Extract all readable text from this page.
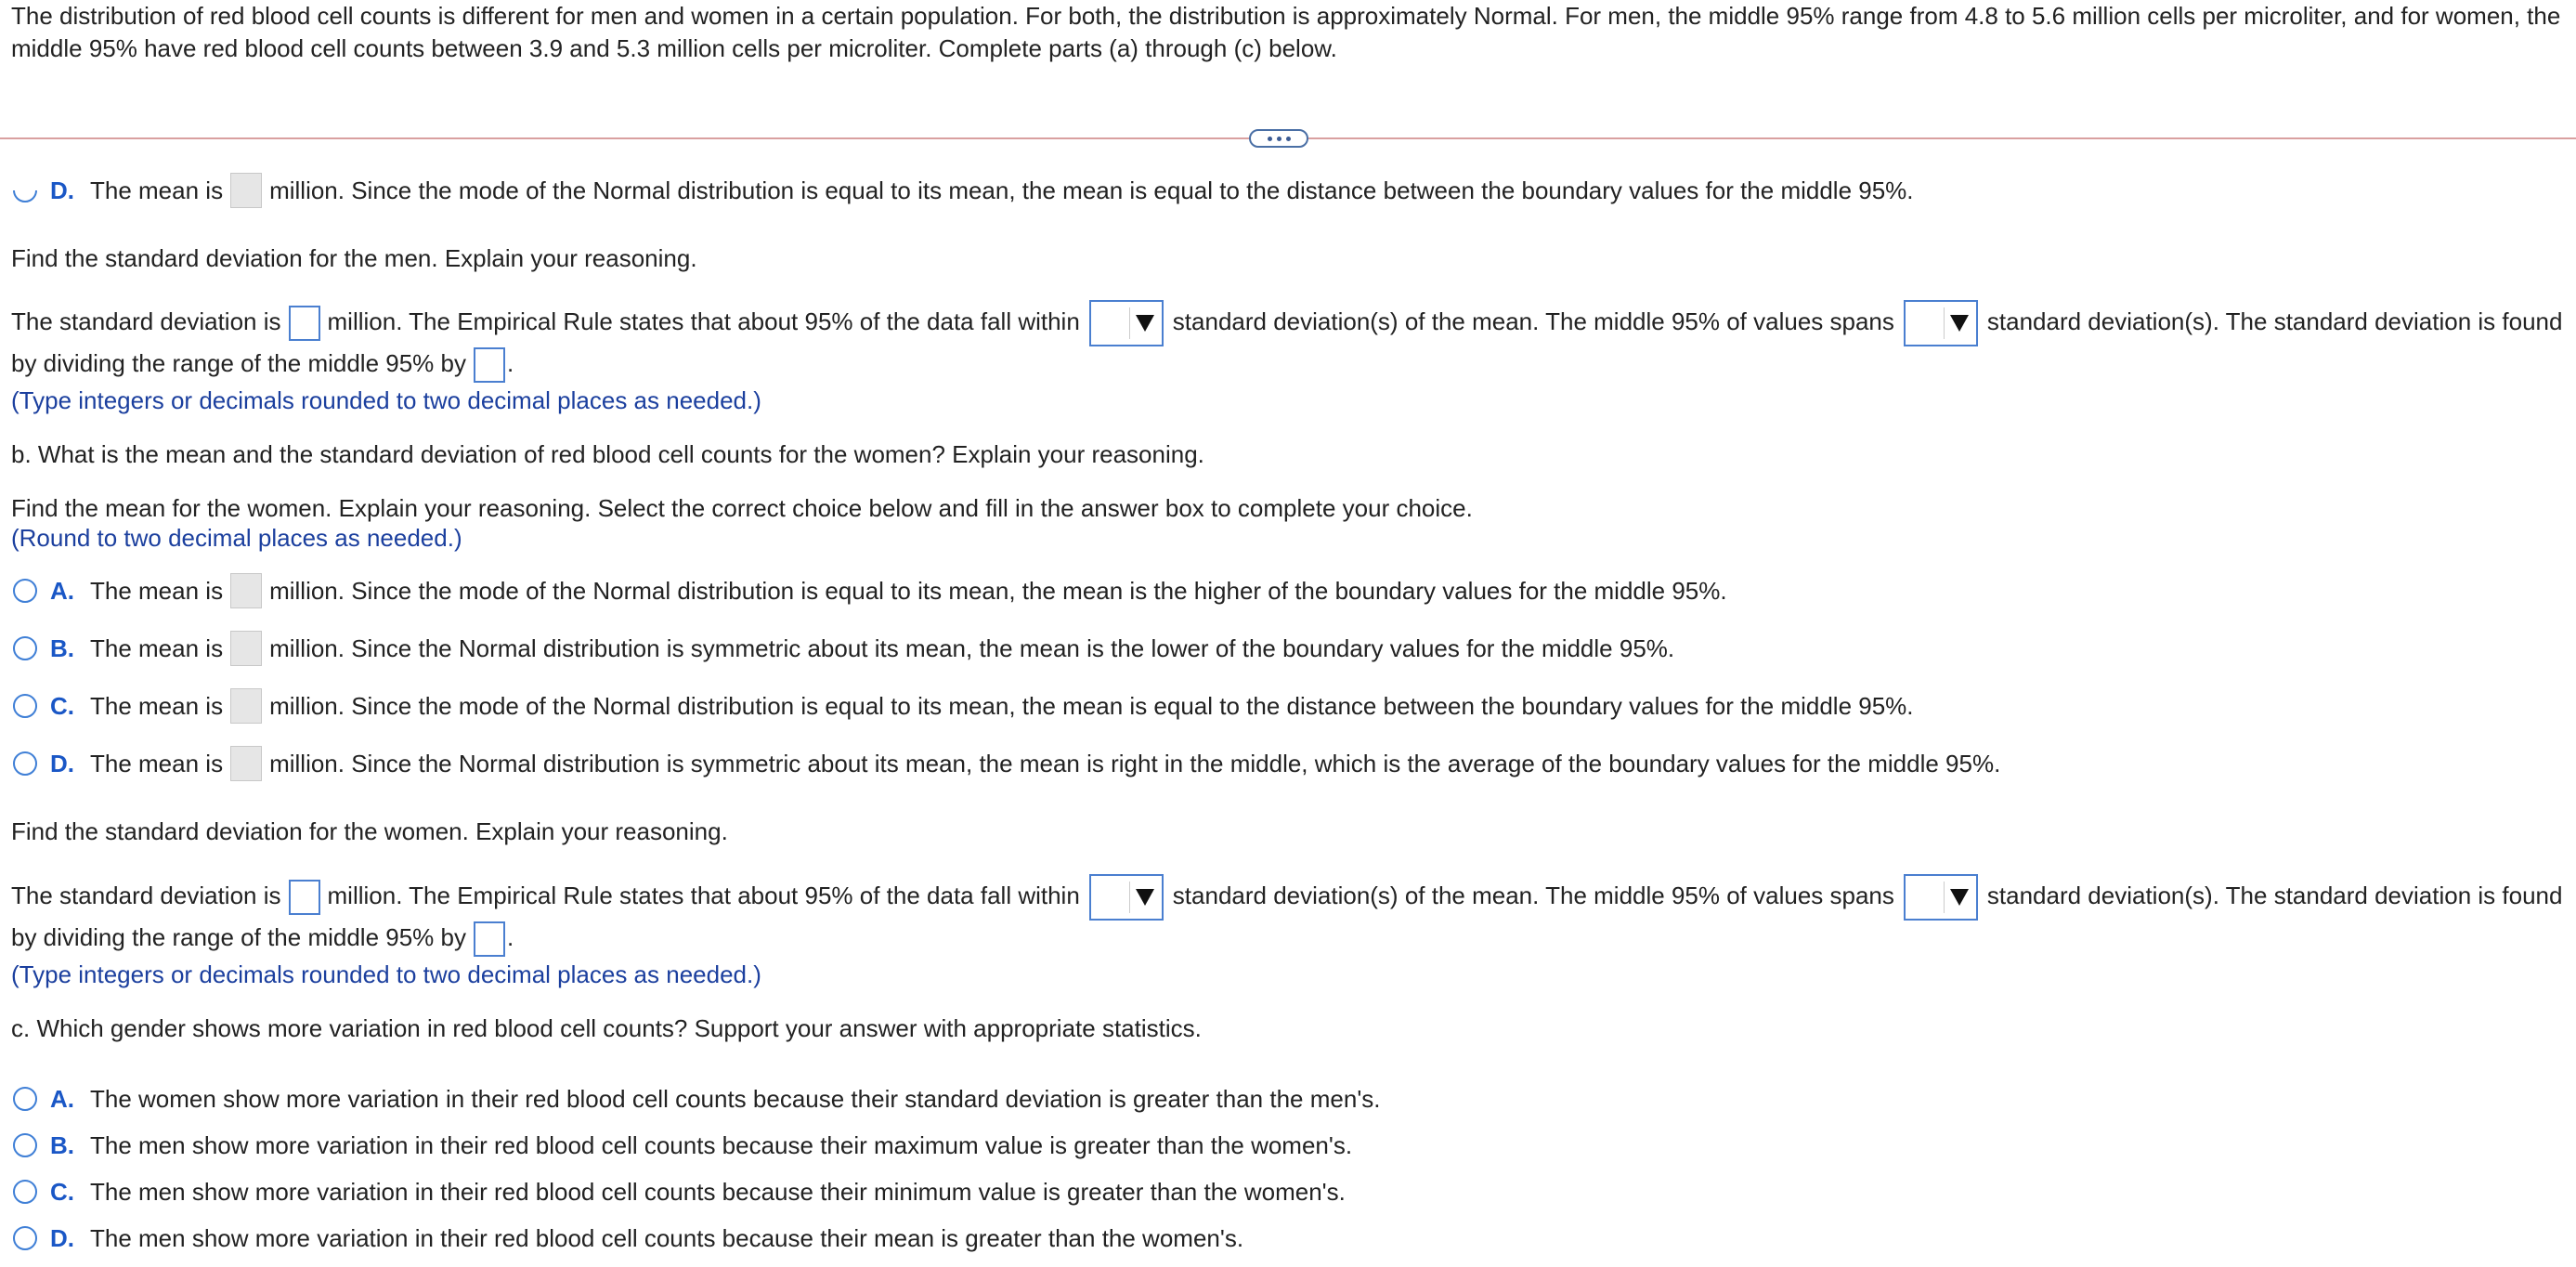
The distribution of red blood cell counts is different for men and women in a certain population. For both, the distribution is approximately Normal. For men, the middle 95% range from 4.8 to 5.6 million cells per microliter, and for women, the middle 95% have red blood cell counts between 3.9 and 5.3 million cells per microliter. Complete parts (a) through (c) below.
D. The mean is million. Since the mode of the Normal distribution is equal to its mean, the mean is equal to the distance between the boundary values for the middle 95%.
Find the standard deviation for the men. Explain your reasoning.
The standard deviation is million. The Empirical Rule states that about 95% of the data fall within	standard deviation(s) of the mean. The middle 95% of values spans	standard deviation(s). The standard deviation is found
by dividing the range of the middle 95% by .
(Type integers or decimals rounded to two decimal places as needed.)
b. What is the mean and the standard deviation of red blood cell counts for the women? Explain your reasoning.
Find the mean for the women. Explain your reasoning. Select the correct choice below and fill in the answer box to complete your choice.
(Round to two decimal places as needed.)
A. The mean is million. Since the mode of the Normal distribution is equal to its mean, the mean is the higher of the boundary values for the middle 95%.
B. The mean is million. Since the Normal distribution is symmetric about its mean, the mean is the lower of the boundary values for the middle 95%.
C. The mean is million. Since the mode of the Normal distribution is equal to its mean, the mean is equal to the distance between the boundary values for the middle 95%.
D. The mean is million. Since the Normal distribution is symmetric about its mean, the mean is right in the middle, which is the average of the boundary values for the middle 95%.
Find the standard deviation for the women. Explain your reasoning.
The standard deviation is million. The Empirical Rule states that about 95% of the data fall within	standard deviation(s) of the mean. The middle 95% of values spans	standard deviation(s). The standard deviation is found
by dividing the range of the middle 95% by .
(Type integers or decimals rounded to two decimal places as needed.)
c. Which gender shows more variation in red blood cell counts? Support your answer with appropriate statistics.
A. The women show more variation in their red blood cell counts because their standard deviation is greater than the men's.
B. The men show more variation in their red blood cell counts because their maximum value is greater than the women's.
C. The men show more variation in their red blood cell counts because their minimum value is greater than the women's.
D. The men show more variation in their red blood cell counts because their mean is greater than the women's.
